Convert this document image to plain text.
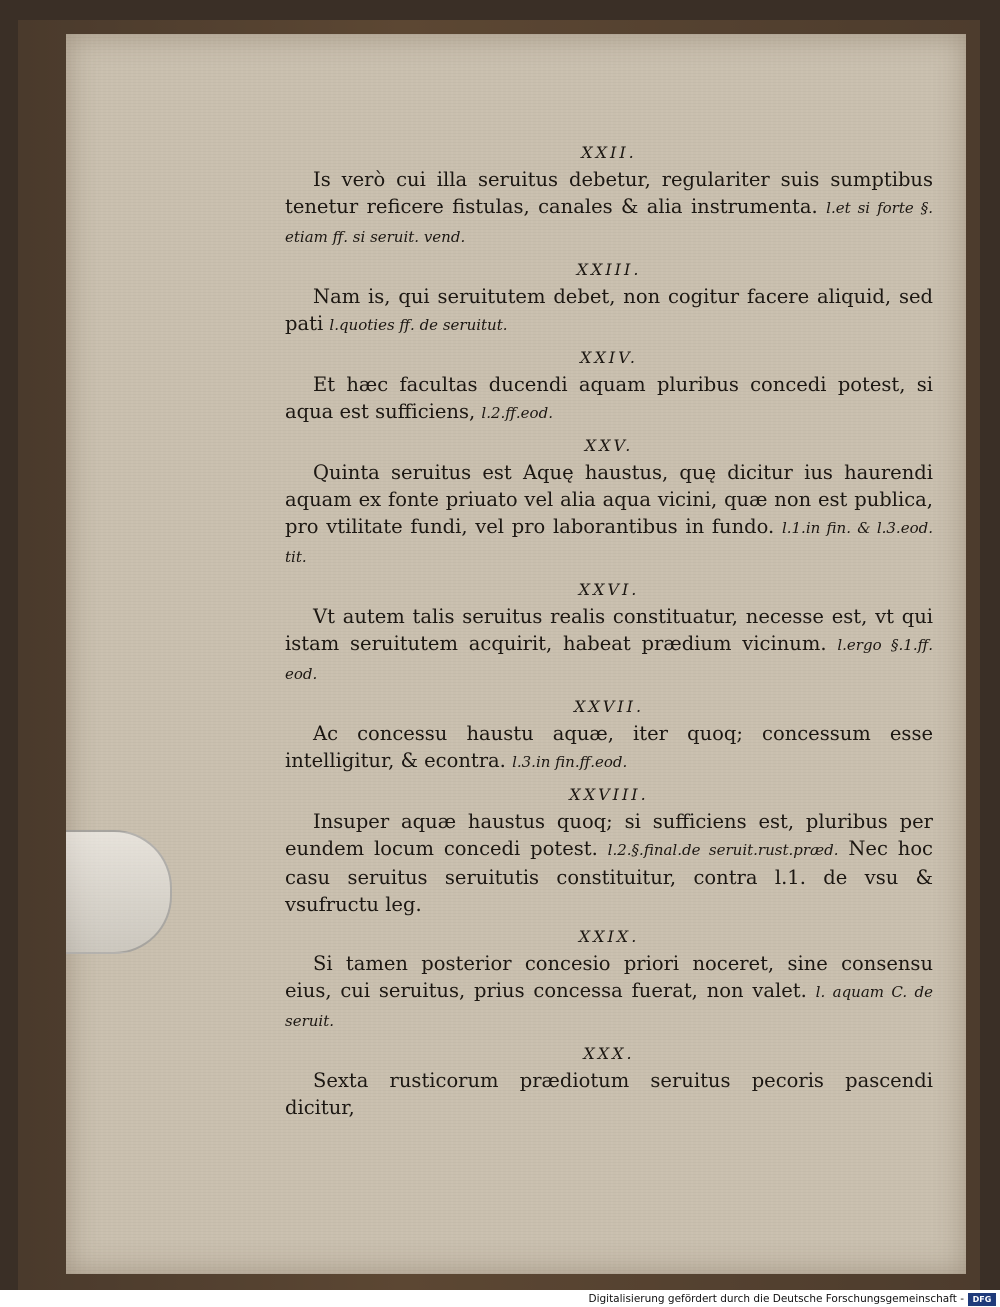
XXII.

Is verò cui illa seruitus debetur, regulariter suis sumptibus tenetur reficere fistulas, canales & alia instrumenta. l.et si forte §. etiam ff. si seruit. vend.

XXIII.

Nam is, qui seruitutem debet, non cogitur facere aliquid, sed pati l.quoties ff. de seruitut.

XXIV.

Et hæc facultas ducendi aquam pluribus concedi potest, si aqua est sufficiens, l.2.ff.eod.

XXV.

Quinta seruitus est Aquę haustus, quę dicitur ius haurendi aquam ex fonte priuato vel alia aqua vicini, quæ non est publica, pro vtilitate fundi, vel pro laborantibus in fundo. l.1.in fin. & l.3.eod. tit.

XXVI.

Vt autem talis seruitus realis constituatur, necesse est, vt qui istam seruitutem acquirit, habeat prædium vicinum. l.ergo §.1.ff. eod.

XXVII.

Ac concessu haustu aquæ, iter quoq; concessum esse intelligitur, & econtra. l.3.in fin.ff.eod.

XXVIII.

Insuper aquæ haustus quoq; si sufficiens est, pluribus per eundem locum concedi potest. l.2.§.final.de seruit.rust.præd. Nec hoc casu seruitus seruitutis constituitur, contra l.1. de vsu & vsufructu leg.

XXIX.

Si tamen posterior concesio priori noceret, sine consensu eius, cui seruitus, prius concessa fuerat, non valet. l. aquam C. de seruit.

XXX.

Sexta rusticorum prædiotum seruitus pecoris pascendi dicitur,

Digitalisierung gefördert durch die Deutsche Forschungsgemeinschaft -	DFG
